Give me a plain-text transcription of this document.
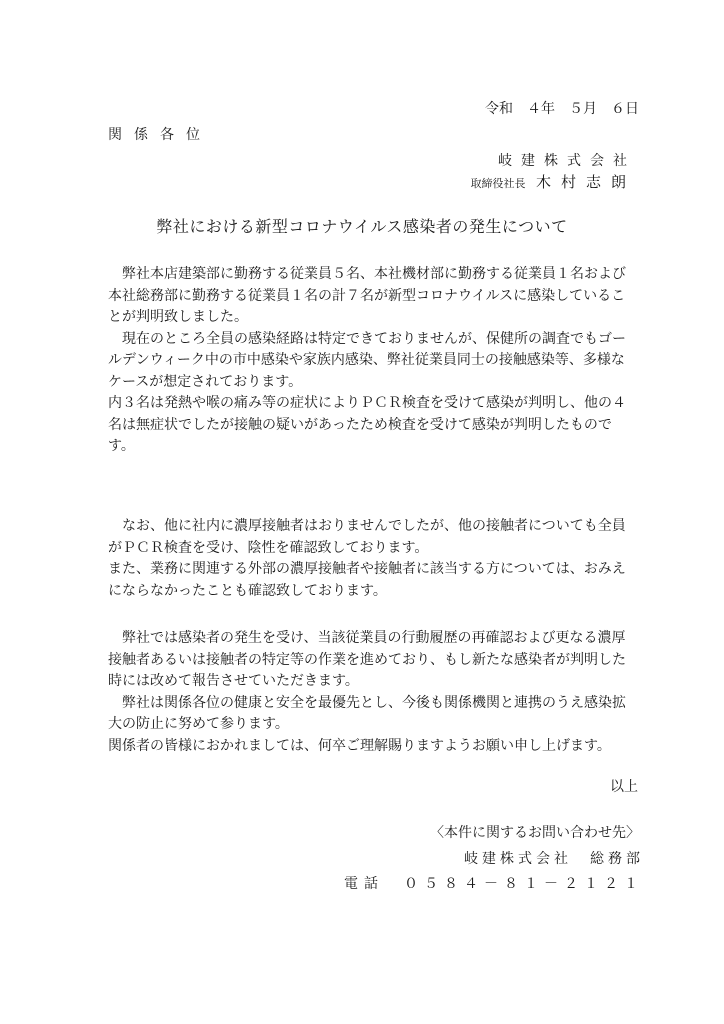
令和　４年　５月　６日
関係各位
岐建株式会社
取締役社長 木村志朗
弊社における新型コロナウイルス感染者の発生について

　弊社本店建築部に勤務する従業員５名、本社機材部に勤務する従業員１名および本社総務部に勤務する従業員１名の計７名が新型コロナウイルスに感染していることが判明致しました。
　現在のところ全員の感染経路は特定できておりませんが、保健所の調査でもゴールデンウィーク中の市中感染や家族内感染、弊社従業員同士の接触感染等、多様なケースが想定されております。
内３名は発熱や喉の痛み等の症状によりＰＣＲ検査を受けて感染が判明し、他の４名は無症状でしたが接触の疑いがあったため検査を受けて感染が判明したものです。

　なお、他に社内に濃厚接触者はおりませんでしたが、他の接触者についても全員がＰＣＲ検査を受け、陰性を確認致しております。
また、業務に関連する外部の濃厚接触者や接触者に該当する方については、おみえにならなかったことも確認致しております。

　弊社では感染者の発生を受け、当該従業員の行動履歴の再確認および更なる濃厚接触者あるいは接触者の特定等の作業を進めており、もし新たな感染者が判明した時には改めて報告させていただきます。
　弊社は関係各位の健康と安全を最優先とし、今後も関係機関と連携のうえ感染拡大の防止に努めて参ります。
関係者の皆様におかれましては、何卒ご理解賜りますようお願い申し上げます。

以上
〈本件に関するお問い合わせ先〉
岐建株式会社　総務部
電話　０５８４－８１－２１２１
